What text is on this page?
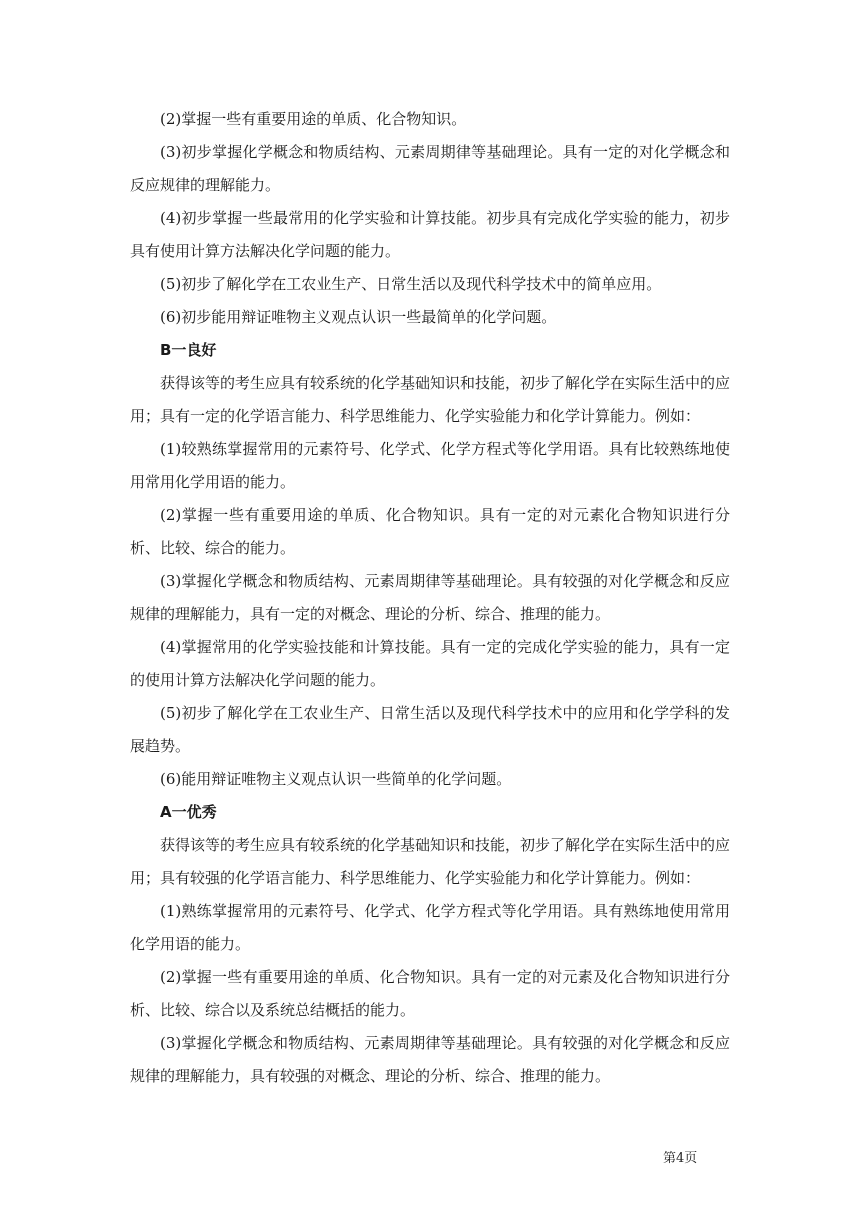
(2)掌握一些有重要用途的单质、化合物知识。

(3)初步掌握化学概念和物质结构、元素周期律等基础理论。具有一定的对化学概念和反应规律的理解能力。

(4)初步掌握一些最常用的化学实验和计算技能。初步具有完成化学实验的能力，初步具有使用计算方法解决化学问题的能力。

(5)初步了解化学在工农业生产、日常生活以及现代科学技术中的简单应用。

(6)初步能用辩证唯物主义观点认识一些最简单的化学问题。

B一良好

获得该等的考生应具有较系统的化学基础知识和技能，初步了解化学在实际生活中的应用；具有一定的化学语言能力、科学思维能力、化学实验能力和化学计算能力。例如：

(1)较熟练掌握常用的元素符号、化学式、化学方程式等化学用语。具有比较熟练地使用常用化学用语的能力。

(2)掌握一些有重要用途的单质、化合物知识。具有一定的对元素化合物知识进行分析、比较、综合的能力。

(3)掌握化学概念和物质结构、元素周期律等基础理论。具有较强的对化学概念和反应规律的理解能力，具有一定的对概念、理论的分析、综合、推理的能力。

(4)掌握常用的化学实验技能和计算技能。具有一定的完成化学实验的能力，具有一定的使用计算方法解决化学问题的能力。

(5)初步了解化学在工农业生产、日常生活以及现代科学技术中的应用和化学学科的发展趋势。

(6)能用辩证唯物主义观点认识一些简单的化学问题。

A一优秀

获得该等的考生应具有较系统的化学基础知识和技能，初步了解化学在实际生活中的应用；具有较强的化学语言能力、科学思维能力、化学实验能力和化学计算能力。例如：

(1)熟练掌握常用的元素符号、化学式、化学方程式等化学用语。具有熟练地使用常用化学用语的能力。

(2)掌握一些有重要用途的单质、化合物知识。具有一定的对元素及化合物知识进行分析、比较、综合以及系统总结概括的能力。

(3)掌握化学概念和物质结构、元素周期律等基础理论。具有较强的对化学概念和反应规律的理解能力，具有较强的对概念、理论的分析、综合、推理的能力。

第4页
